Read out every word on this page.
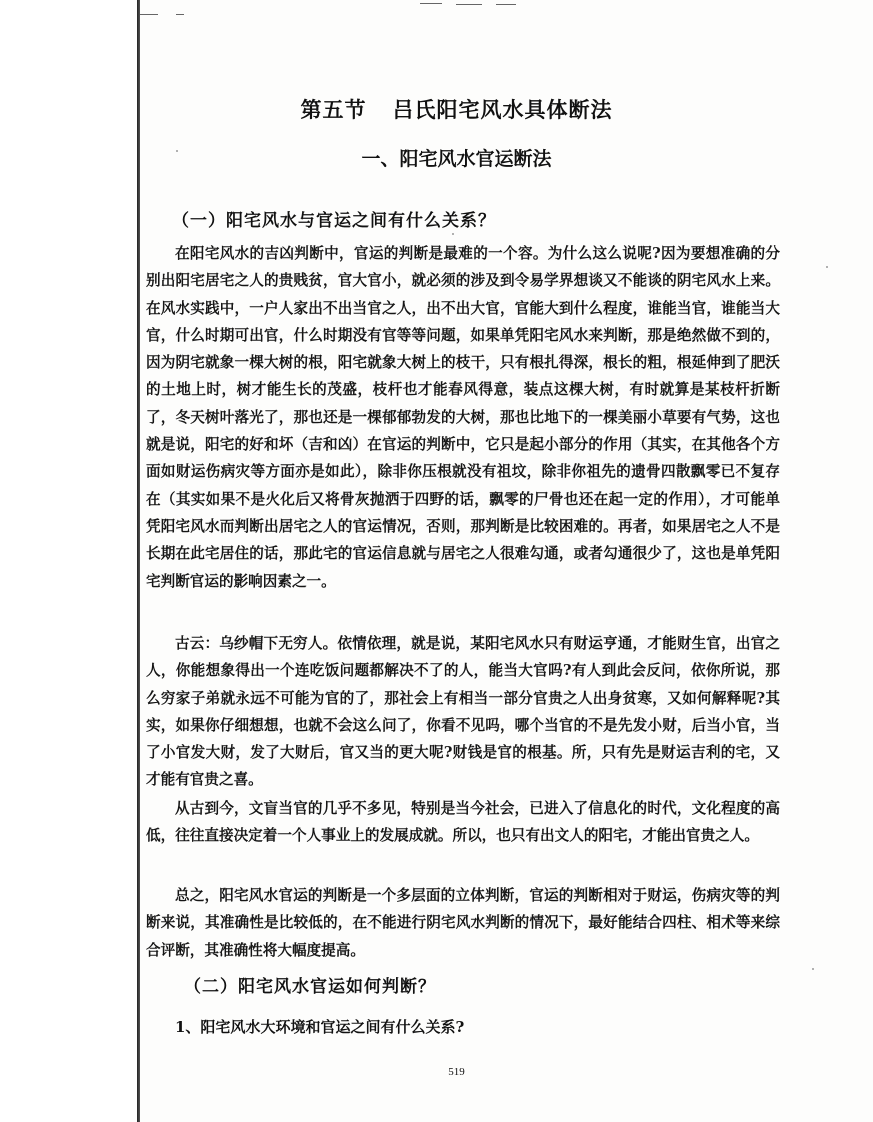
第五节 吕氏阳宅风水具体断法
一、阳宅风水官运断法
（一）阳宅风水与官运之间有什么关系？
在阳宅风水的吉凶判断中，官运的判断是最难的一个容。为什么这么说呢?因为要想准确的分别出阳宅居宅之人的贵贱贫，官大官小，就必须的涉及到令易学界想谈又不能谈的阴宅风水上来。在风水实践中，一户人家出不出当官之人，出不出大官，官能大到什么程度，谁能当官，谁能当大官，什么时期可出官，什么时期没有官等等问题，如果单凭阳宅风水来判断，那是绝然做不到的，因为阴宅就象一棵大树的根，阳宅就象大树上的枝干，只有根扎得深，根长的粗，根延伸到了肥沃的土地上时，树才能生长的茂盛，枝杆也才能春风得意，装点这棵大树，有时就算是某枝杆折断了，冬天树叶落光了，那也还是一棵郁郁勃发的大树，那也比地下的一棵美丽小草要有气势，这也就是说，阳宅的好和坏（吉和凶）在官运的判断中，它只是起小部分的作用（其实，在其他各个方面如财运伤病灾等方面亦是如此），除非你压根就没有祖坟，除非你祖先的遗骨四散飘零已不复存在（其实如果不是火化后又将骨灰抛洒于四野的话，飘零的尸骨也还在起一定的作用），才可能单凭阳宅风水而判断出居宅之人的官运情况，否则，那判断是比较困难的。再者，如果居宅之人不是长期在此宅居住的话，那此宅的官运信息就与居宅之人很难勾通，或者勾通很少了，这也是单凭阳宅判断官运的影响因素之一。
古云：乌纱帽下无穷人。依情依理，就是说，某阳宅风水只有财运亨通，才能财生官，出官之人，你能想象得出一个连吃饭问题都解决不了的人，能当大官吗?有人到此会反问，依你所说，那么穷家子弟就永远不可能为官的了，那社会上有相当一部分官贵之人出身贫寒，又如何解释呢?其实，如果你仔细想想，也就不会这么问了，你看不见吗，哪个当官的不是先发小财，后当小官，当了小官发大财，发了大财后，官又当的更大呢?财钱是官的根基。所，只有先是财运吉利的宅，又才能有官贵之喜。
从古到今，文盲当官的几乎不多见，特别是当今社会，已进入了信息化的时代，文化程度的高低，往往直接决定着一个人事业上的发展成就。所以，也只有出文人的阳宅，才能出官贵之人。
总之，阳宅风水官运的判断是一个多层面的立体判断，官运的判断相对于财运，伤病灾等的判断来说，其准确性是比较低的，在不能进行阴宅风水判断的情况下，最好能结合四柱、相术等来综合评断，其准确性将大幅度提高。
（二）阳宅风水官运如何判断？
1、阳宅风水大环境和官运之间有什么关系?
519
